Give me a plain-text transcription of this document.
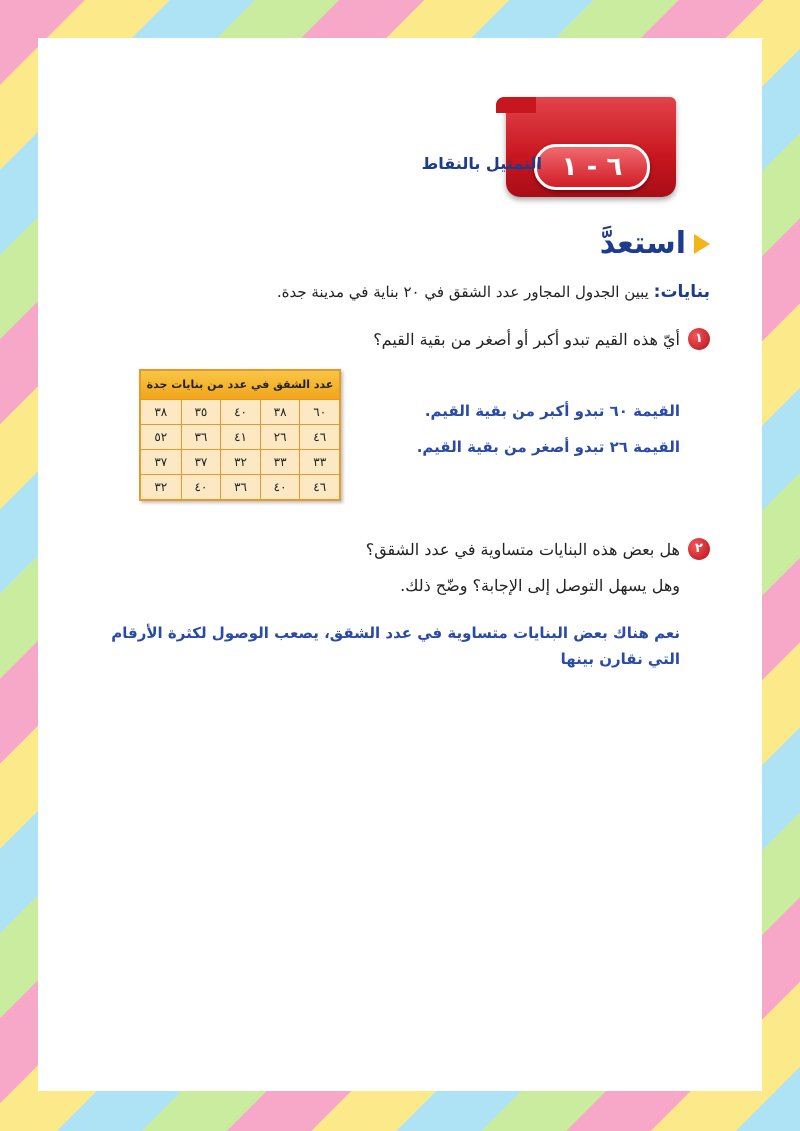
٦ - ١
التمثيل بالنقاط
استعدَّ
بنايات: يبين الجدول المجاور عدد الشقق في ٢٠ بناية في مدينة جدة.
١
أيّ هذه القيم تبدو أكبر أو أصغر من بقية القيم؟
القيمة ٦٠ تبدو أكبر من بقية القيم.
القيمة ٢٦ تبدو أصغر من بقية القيم.
عدد الشقق في عدد من بنايات جدة
٦٠
٣٨
٤٠
٣٥
٣٨
٤٦
٢٦
٤١
٣٦
٥٢
٣٣
٣٣
٣٢
٣٧
٣٧
٤٦
٤٠
٣٦
٤٠
٣٢
٢
هل بعض هذه البنايات متساوية في عدد الشقق؟
وهل يسهل التوصل إلى الإجابة؟ وضّح ذلك.
نعم هناك بعض البنايات متساوية في عدد الشقق، يصعب الوصول لكثرة الأرقام التي نقارن بينها
